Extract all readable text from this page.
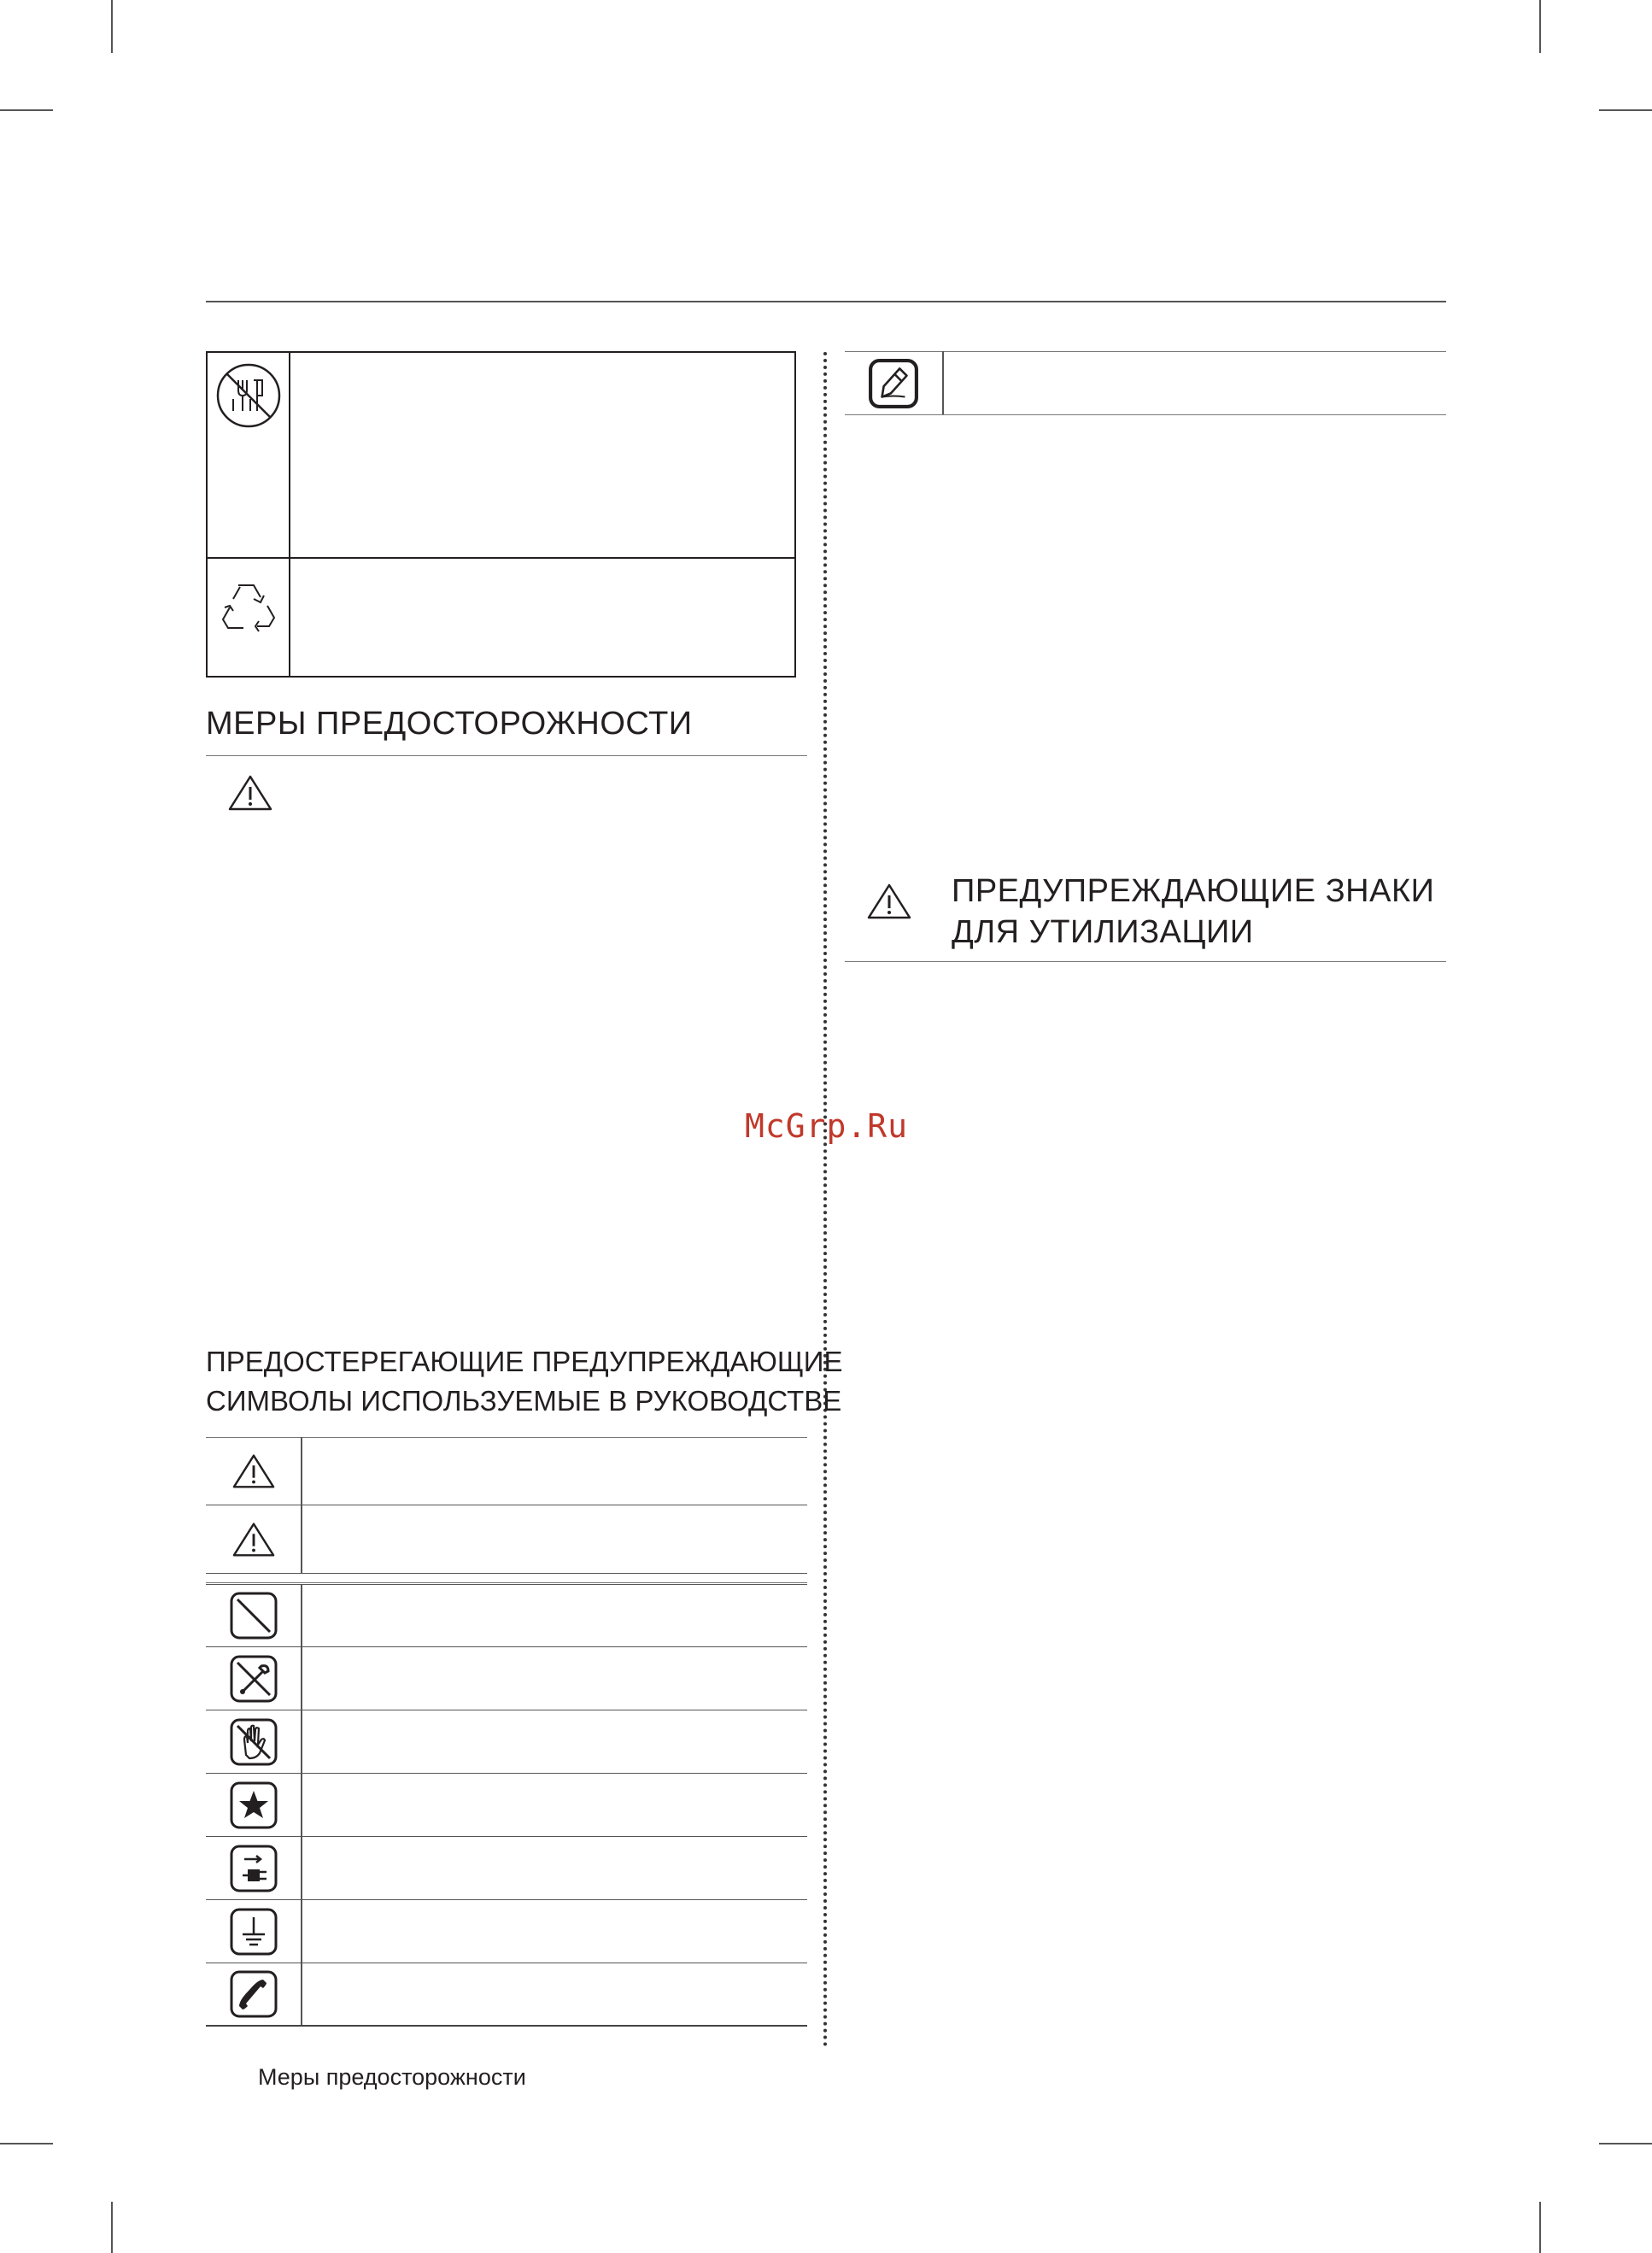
МЕРЫ ПРЕДОСТОРОЖНОСТИ
ПРЕДОСТЕРЕГАЮЩИЕ ПРЕДУПРЕЖДАЮЩИЕ
СИМВОЛЫ ИСПОЛЬЗУЕМЫЕ В РУКОВОДСТВЕ
Меры предосторожности
ПРЕДУПРЕЖДАЮЩИЕ ЗНАКИ
ДЛЯ УТИЛИЗАЦИИ
McGrp.Ru
